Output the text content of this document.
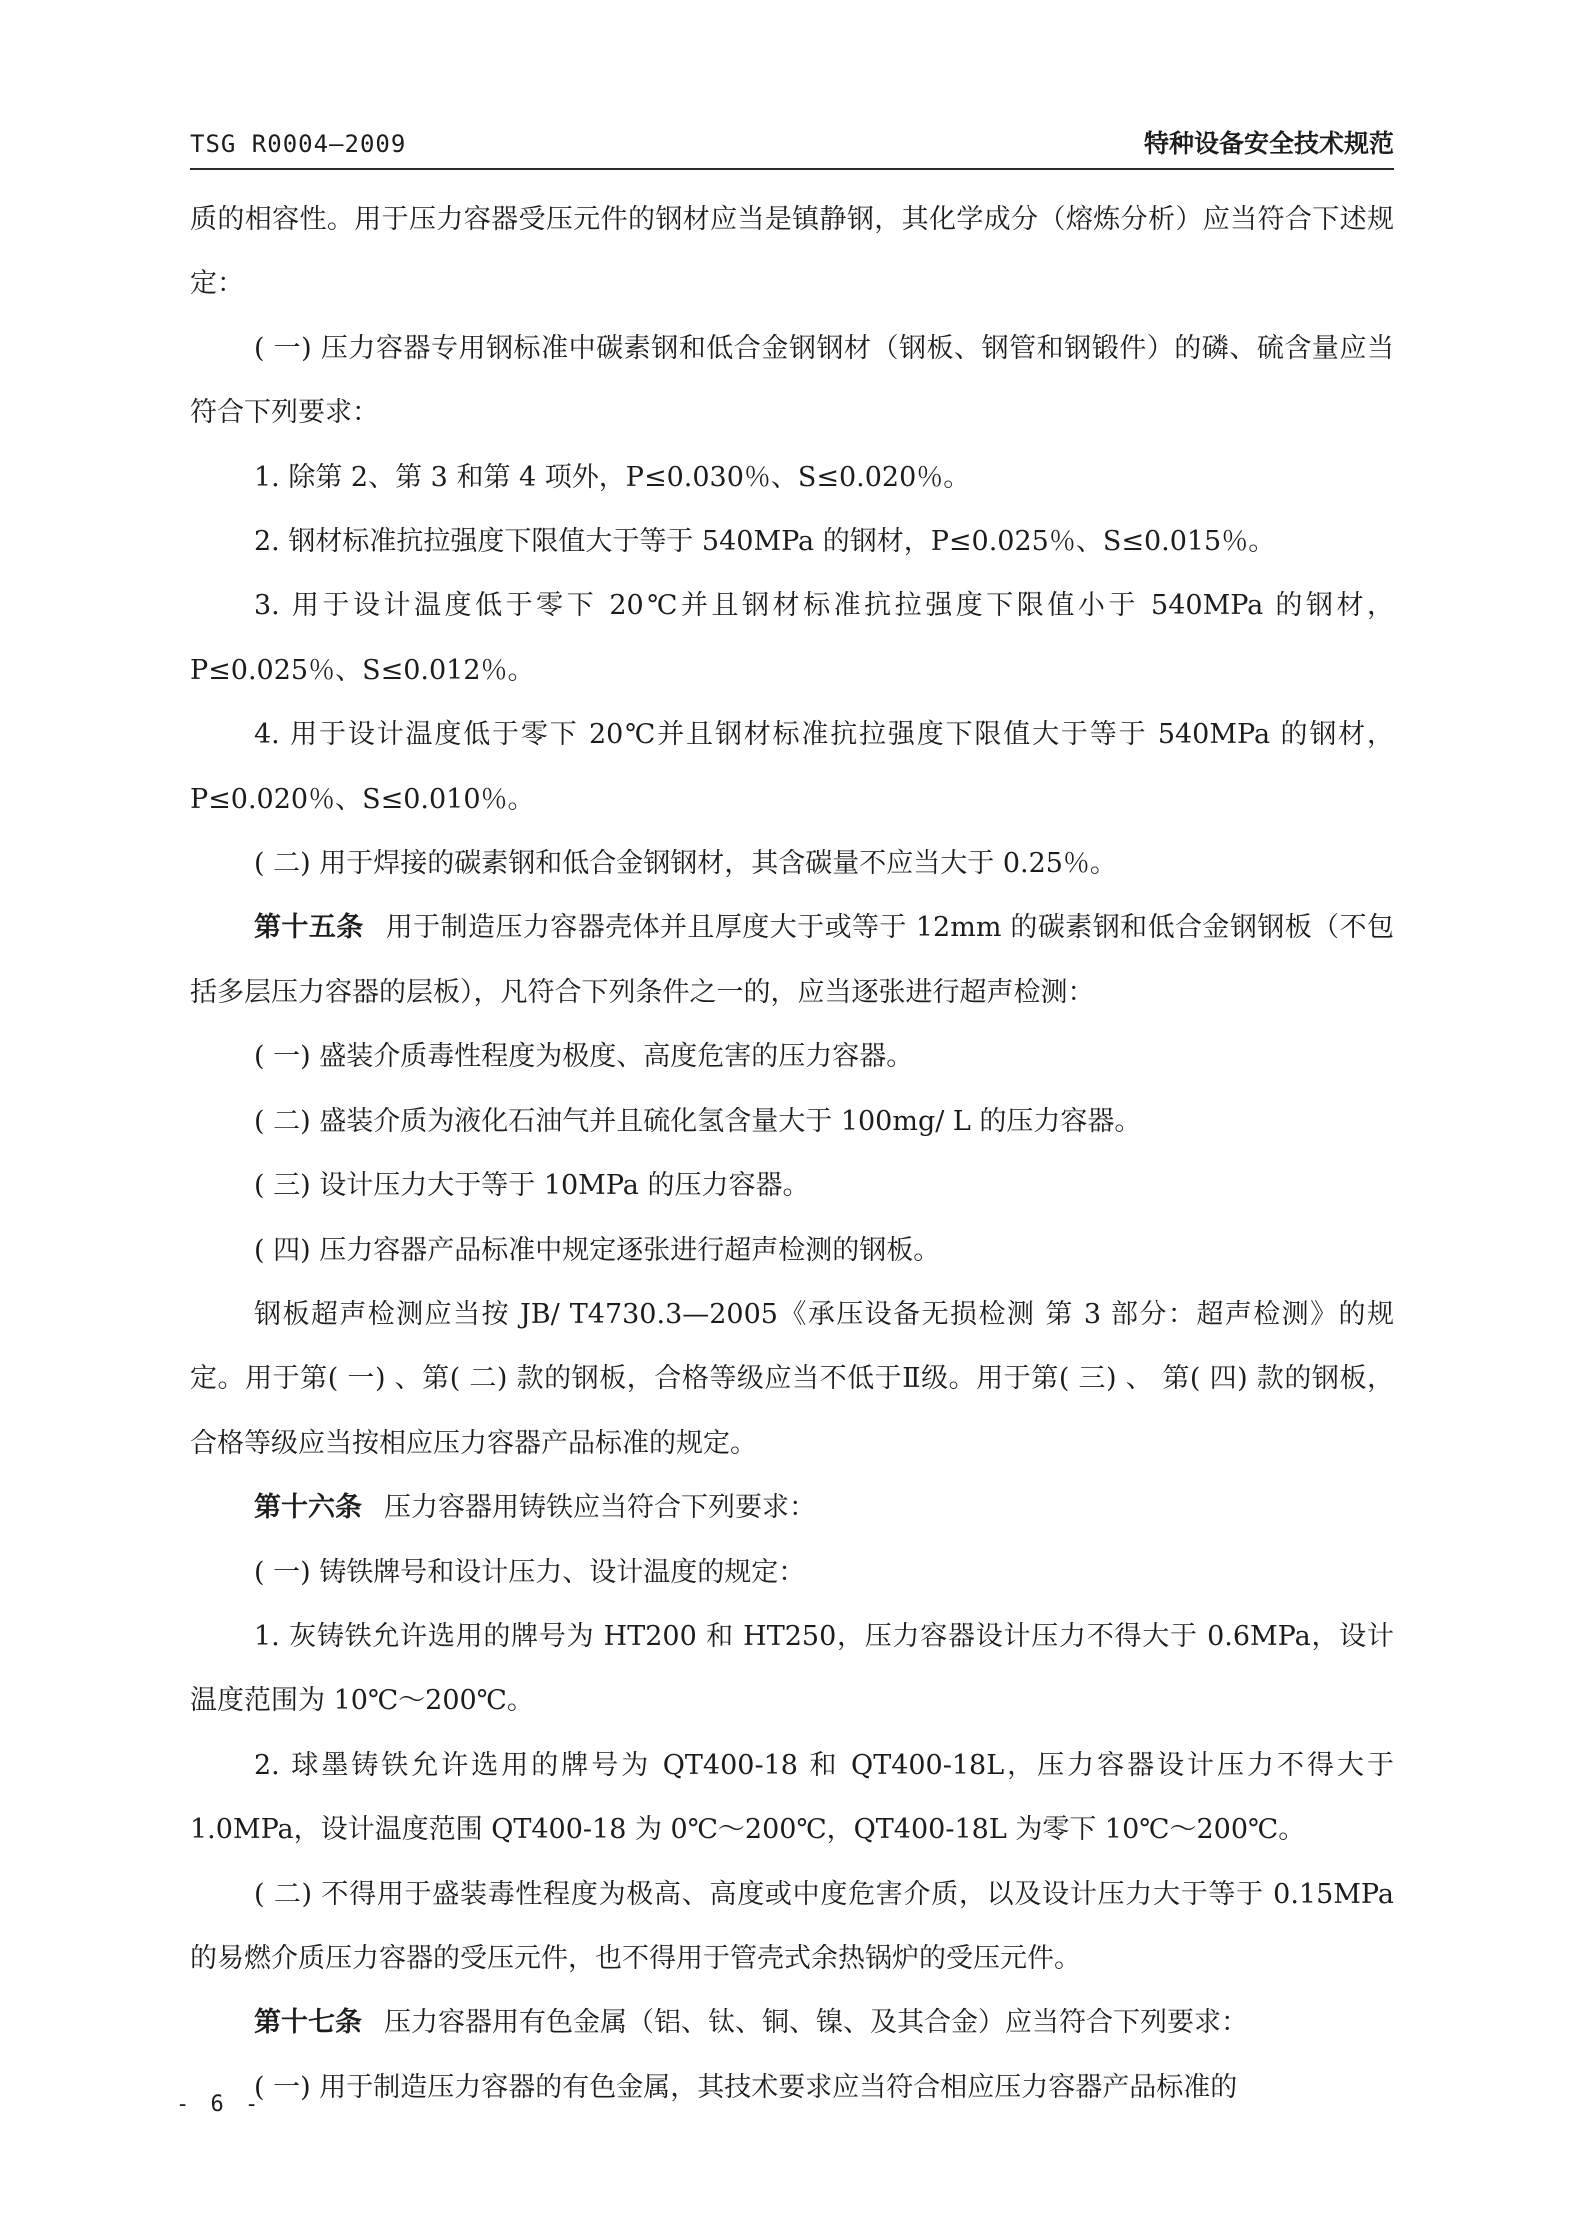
TSG R0004—2009	特种设备安全技术规范

质的相容性。用于压力容器受压元件的钢材应当是镇静钢，其化学成分（熔炼分析）应当符合下述规定：

( 一) 压力容器专用钢标准中碳素钢和低合金钢钢材（钢板、钢管和钢锻件）的磷、硫含量应当符合下列要求：

1. 除第 2、第 3 和第 4 项外，P≤0.030％、S≤0.020％。

2. 钢材标准抗拉强度下限值大于等于 540MPa 的钢材，P≤0.025％、S≤0.015％。

3. 用于设计温度低于零下 20℃并且钢材标准抗拉强度下限值小于 540MPa 的钢材，P≤0.025％、S≤0.012％。

4. 用于设计温度低于零下 20℃并且钢材标准抗拉强度下限值大于等于 540MPa 的钢材，P≤0.020％、S≤0.010％。

( 二) 用于焊接的碳素钢和低合金钢钢材，其含碳量不应当大于 0.25％。

第十五条 用于制造压力容器壳体并且厚度大于或等于 12mm 的碳素钢和低合金钢钢板（不包括多层压力容器的层板），凡符合下列条件之一的，应当逐张进行超声检测：

( 一) 盛装介质毒性程度为极度、高度危害的压力容器。

( 二) 盛装介质为液化石油气并且硫化氢含量大于 100mg/ L 的压力容器。

( 三) 设计压力大于等于 10MPa 的压力容器。

( 四) 压力容器产品标准中规定逐张进行超声检测的钢板。

钢板超声检测应当按 JB/ T4730.3—2005《承压设备无损检测 第 3 部分：超声检测》的规定。用于第( 一) 、第( 二) 款的钢板，合格等级应当不低于Ⅱ级。用于第( 三) 、 第( 四) 款的钢板，合格等级应当按相应压力容器产品标准的规定。

第十六条 压力容器用铸铁应当符合下列要求：

( 一) 铸铁牌号和设计压力、设计温度的规定：

1. 灰铸铁允许选用的牌号为 HT200 和 HT250，压力容器设计压力不得大于 0.6MPa，设计温度范围为 10℃～200℃。

2. 球墨铸铁允许选用的牌号为 QT400-18 和 QT400-18L，压力容器设计压力不得大于 1.0MPa，设计温度范围 QT400-18 为 0℃～200℃，QT400-18L 为零下 10℃～200℃。

( 二) 不得用于盛装毒性程度为极高、高度或中度危害介质，以及设计压力大于等于 0.15MPa 的易燃介质压力容器的受压元件，也不得用于管壳式余热锅炉的受压元件。

第十七条 压力容器用有色金属（铝、钛、铜、镍、及其合金）应当符合下列要求：

( 一) 用于制造压力容器的有色金属，其技术要求应当符合相应压力容器产品标准的

- 6 -
